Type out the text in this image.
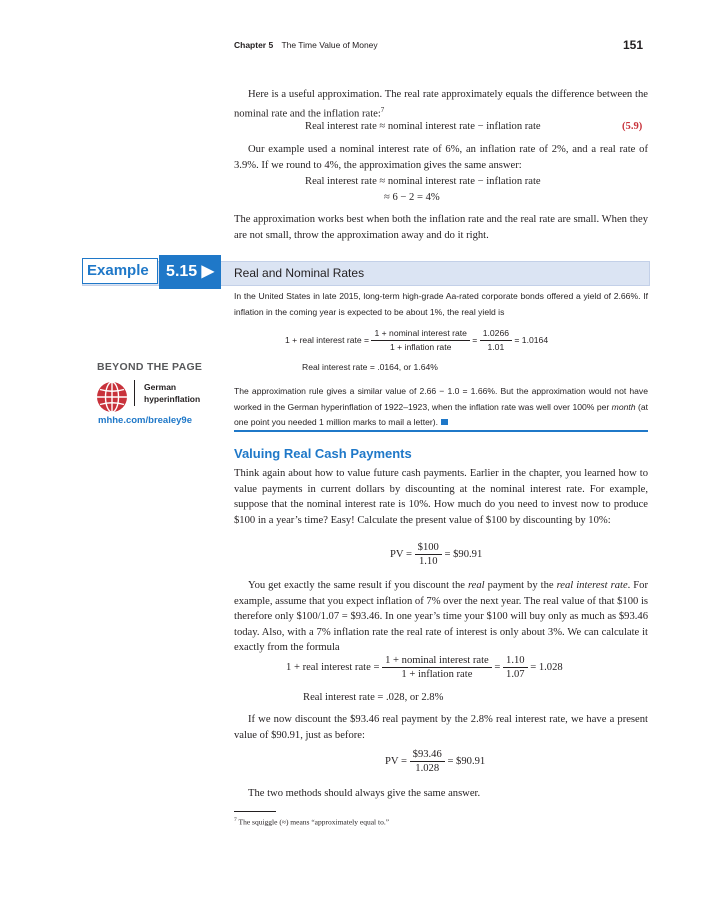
Chapter 5 The Time Value of Money	151
Here is a useful approximation. The real rate approximately equals the difference between the nominal rate and the inflation rate:$^7$
Real interest rate ≈ nominal interest rate − inflation rate	(5.9)
Our example used a nominal interest rate of 6%, an inflation rate of 2%, and a real rate of 3.9%. If we round to 4%, the approximation gives the same answer:
Real interest rate ≈ nominal interest rate − inflation rate
≈ 6 − 2 = 4%
The approximation works best when both the inflation rate and the real rate are small. When they are not small, throw the approximation away and do it right.
Example	5.15 ▶	Real and Nominal Rates
In the United States in late 2015, long-term high-grade Aa-rated corporate bonds offered a yield of 2.66%. If inflation in the coming year is expected to be about 1%, the real yield is
1 + real interest rate = $\frac{\text{1 + nominal interest rate}}{\text{1 + inflation rate}} = \frac{1.0266}{1.01} = 1.0164$
Real interest rate = .0164, or 1.64%
The approximation rule gives a similar value of 2.66 − 1.0 = 1.66%. But the approximation would not have worked in the German hyperinflation of 1922–1923, when the inflation rate was well over 100% per month (at one point you needed 1 million marks to mail a letter).
BEYOND THE PAGE
German hyperinflation
mhhe.com/brealey9e
Valuing Real Cash Payments
Think again about how to value future cash payments. Earlier in the chapter, you learned how to value payments in current dollars by discounting at the nominal interest rate. For example, suppose that the nominal interest rate is 10%. How much do you need to invest now to produce $100 in a year’s time? Easy! Calculate the present value of $100 by discounting by 10%:
PV = $\frac{\$100}{1.10}$ = $90.91
You get exactly the same result if you discount the real payment by the real interest rate. For example, assume that you expect inflation of 7% over the next year. The real value of that $100 is therefore only $100/1.07 = $93.46. In one year’s time your $100 will buy only as much as $93.46 today. Also, with a 7% inflation rate the real rate of interest is only about 3%. We can calculate it exactly from the formula
1 + real interest rate = $\frac{\text{1 + nominal interest rate}}{\text{1 + inflation rate}} = \frac{1.10}{1.07} = 1.028$
Real interest rate = .028, or 2.8%
If we now discount the $93.46 real payment by the 2.8% real interest rate, we have a present value of $90.91, just as before:
PV = $\frac{\$93.46}{1.028}$ = $90.91
The two methods should always give the same answer.
$^7$ The squiggle (≈) means “approximately equal to.”
